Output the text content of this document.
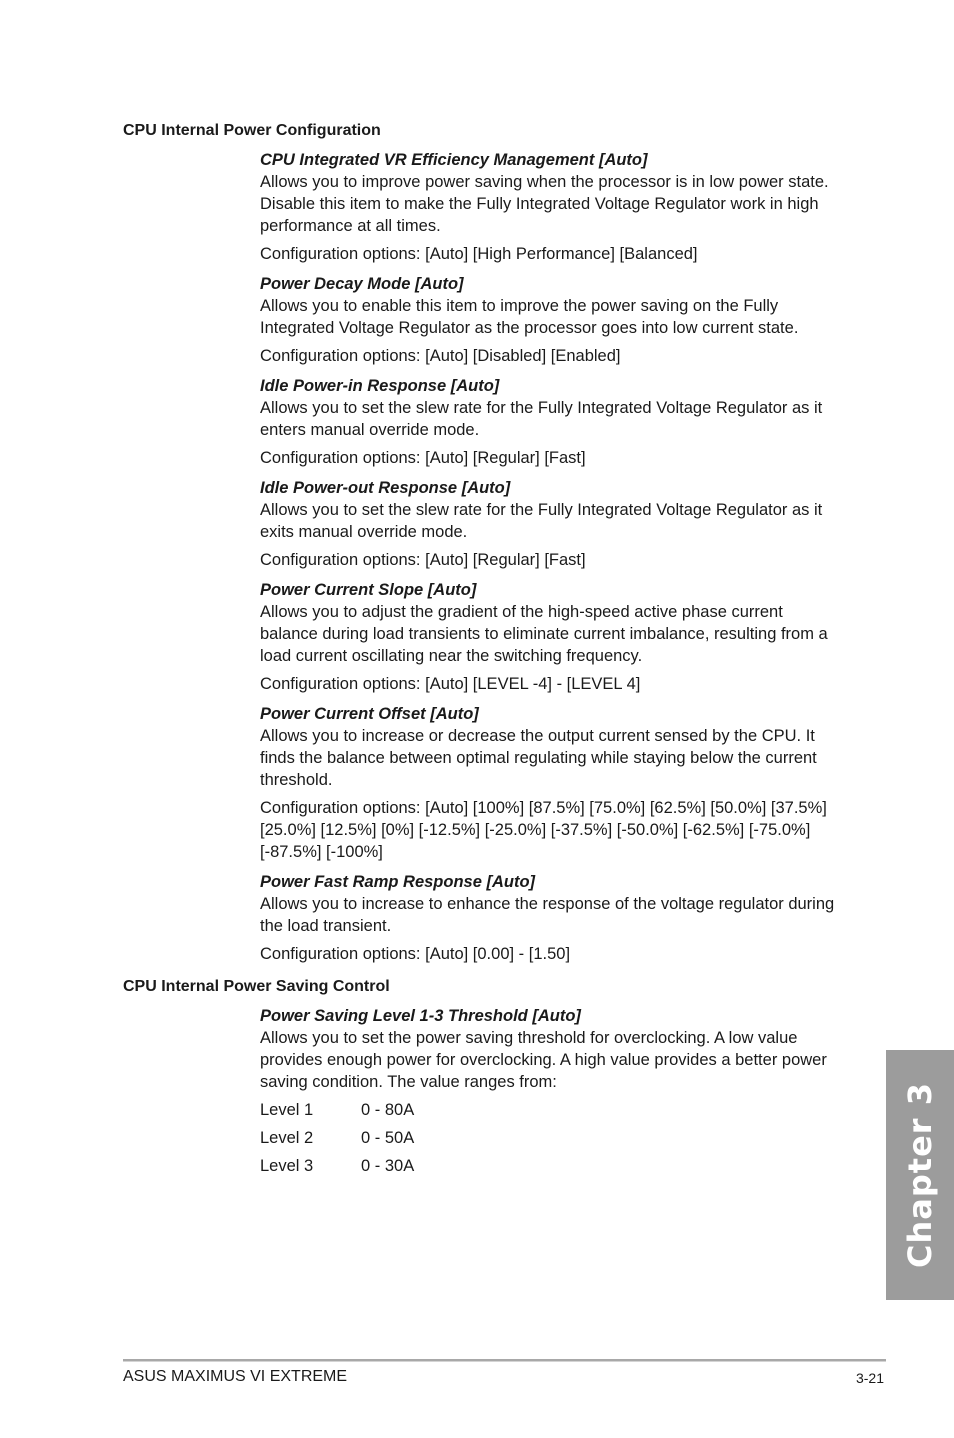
CPU Internal Power Configuration

CPU Integrated VR Efficiency Management [Auto]

Allows you to improve power saving when the processor is in low power state. Disable this item to make the Fully Integrated Voltage Regulator work in high performance at all times.

Configuration options: [Auto] [High Performance] [Balanced]

Power Decay Mode [Auto]

Allows you to enable this item to improve the power saving on the Fully Integrated Voltage Regulator as the processor goes into low current state.

Configuration options: [Auto] [Disabled] [Enabled]

Idle Power-in Response [Auto]

Allows you to set the slew rate for the Fully Integrated Voltage Regulator as it enters manual override mode.

Configuration options: [Auto] [Regular] [Fast]

Idle Power-out Response [Auto]

Allows you to set the slew rate for the Fully Integrated Voltage Regulator as it exits manual override mode.

Configuration options: [Auto] [Regular] [Fast]

Power Current Slope [Auto]

Allows you to adjust the gradient of the high-speed active phase current balance during load transients to eliminate current imbalance, resulting from a load current oscillating near the switching frequency.

Configuration options: [Auto] [LEVEL -4] - [LEVEL 4]

Power Current Offset [Auto]

Allows you to increase or decrease the output current sensed by the CPU. It finds the balance between optimal regulating while staying below the current threshold.

Configuration options: [Auto] [100%] [87.5%] [75.0%] [62.5%] [50.0%] [37.5%] [25.0%] [12.5%] [0%] [-12.5%] [-25.0%] [-37.5%] [-50.0%] [-62.5%] [-75.0%] [-87.5%] [-100%]

Power Fast Ramp Response [Auto]

Allows you to increase to enhance the response of the voltage regulator during the load transient.

Configuration options: [Auto] [0.00] - [1.50]

CPU Internal Power Saving Control

Power Saving Level 1-3 Threshold [Auto]

Allows you to set the power saving threshold for overclocking. A low value provides enough power for overclocking. A high value provides a better power saving condition. The value ranges from:

Level 1	0 - 80A
Level 2	0 - 50A
Level 3	0 - 30A	Chapter 3
ASUS MAXIMUS VI EXTREME	3-21
